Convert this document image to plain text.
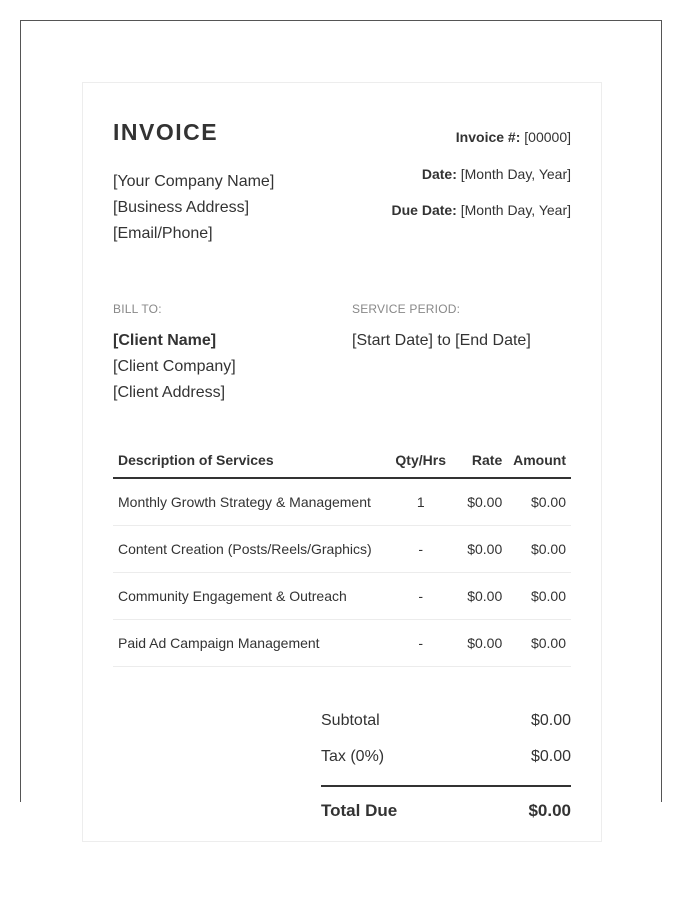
INVOICE
[Your Company Name]
[Business Address]
[Email/Phone]
Invoice #: [00000]
Date: [Month Day, Year]
Due Date: [Month Day, Year]
BILL TO:
[Client Name]
[Client Company]
[Client Address]
SERVICE PERIOD:
[Start Date] to [End Date]
Description of Services	Qty/Hrs	Rate	Amount
Monthly Growth Strategy & Management	1	$0.00	$0.00
Content Creation (Posts/Reels/Graphics)	-	$0.00	$0.00
Community Engagement & Outreach	-	$0.00	$0.00
Paid Ad Campaign Management	-	$0.00	$0.00
Subtotal	$0.00
Tax (0%)	$0.00
Total Due	$0.00
